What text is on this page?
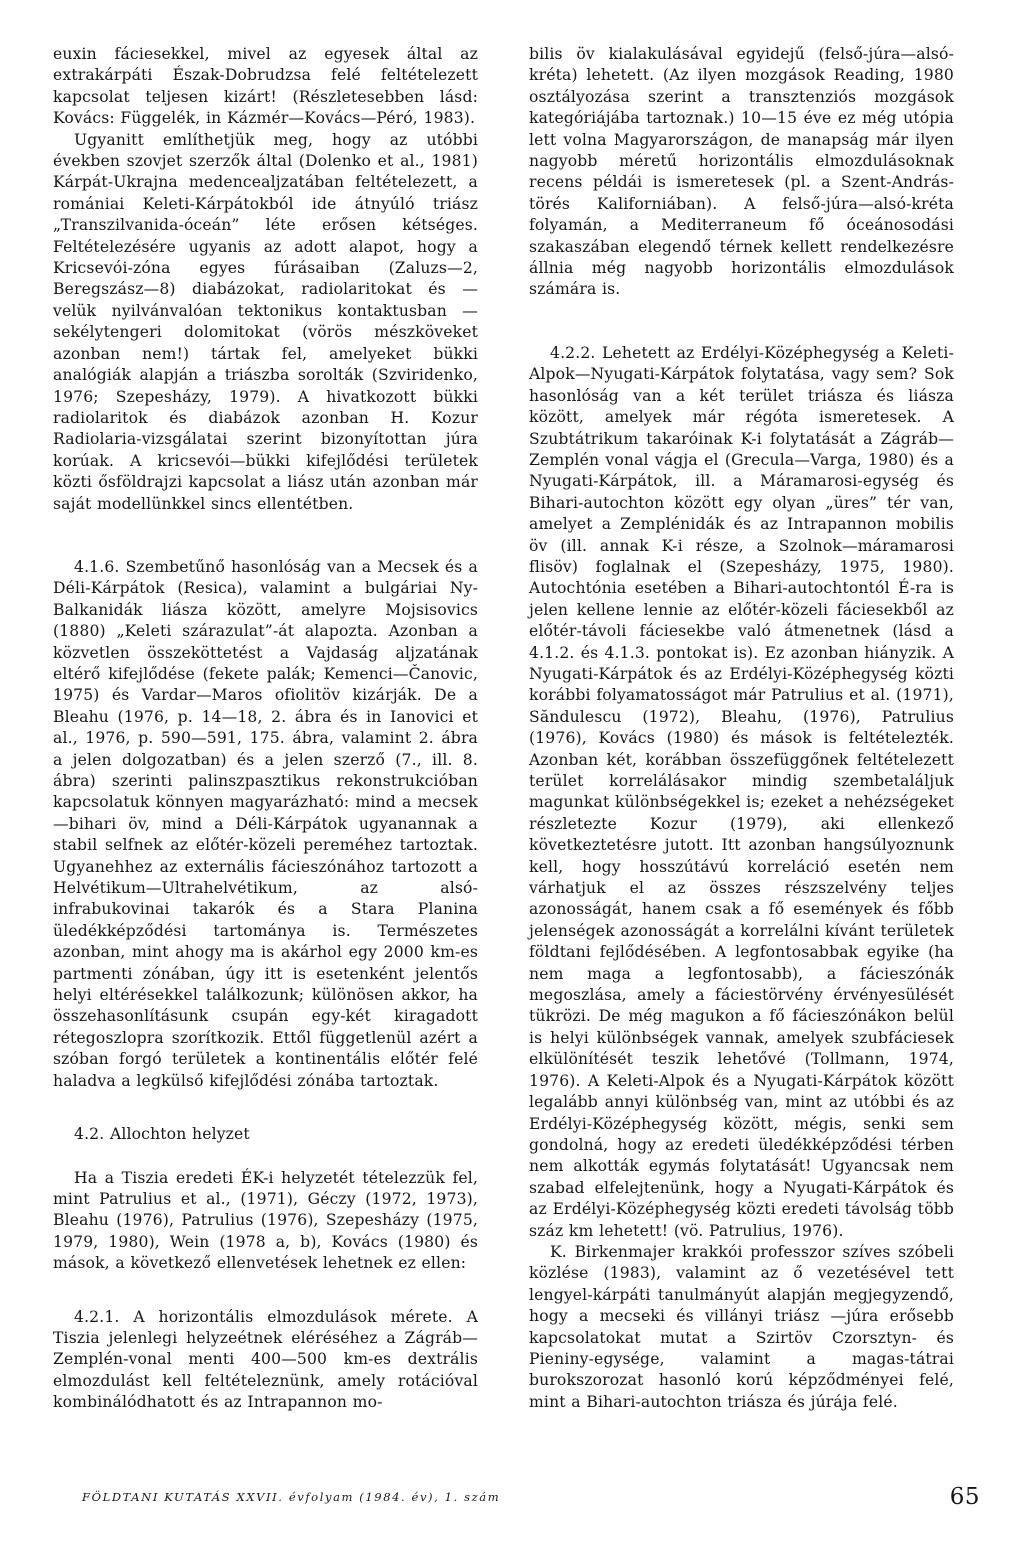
euxin fáciesekkel, mivel az egyesek által az extrakárpáti Észak-Dobrudzsa felé feltételezett kapcsolat teljesen kizárt! (Részletesebben lásd: Kovács: Függelék, in Kázmér—Kovács—Péró, 1983).

Ugyanitt említhetjük meg, hogy az utóbbi években szovjet szerzők által (Dolenko et al., 1981) Kárpát-Ukrajna medencealjzatában feltételezett, a romániai Keleti-Kárpátokból ide átnyúló triász „Transzilvanida-óceán” léte erősen kétséges. Feltételezésére ugyanis az adott alapot, hogy a Kricsevói-zóna egyes fúrásaiban (Zaluzs—2, Beregszász—8) diabázokat, radiolaritokat és — velük nyilvánvalóan tektonikus kontaktusban — sekélytengeri dolomitokat (vörös mészköveket azonban nem!) tártak fel, amelyeket bükki analógiák alapján a triászba sorolták (Szviridenko, 1976; Szepesházy, 1979). A hivatkozott bükki radiolaritok és diabázok azonban H. Kozur Radiolaria-vizsgálatai szerint bizonyítottan júra korúak. A kricsevói—bükki kifejlődési területek közti ősföldrajzi kapcsolat a liász után azonban már saját modellünkkel sincs ellentétben.

4.1.6. Szembetűnő hasonlóság van a Mecsek és a Déli-Kárpátok (Resica), valamint a bulgáriai Ny-Balkanidák liásza között, amelyre Mojsisovics (1880) „Keleti szárazulat”-át alapozta. Azonban a közvetlen összeköttetést a Vajdaság aljzatának eltérő kifejlődése (fekete palák; Kemenci—Čanovic, 1975) és Vardar—Maros ofiolitöv kizárják. De a Bleahu (1976, p. 14—18, 2. ábra és in Ianovici et al., 1976, p. 590—591, 175. ábra, valamint 2. ábra a jelen dolgozatban) és a jelen szerző (7., ill. 8. ábra) szerinti palinszpasztikus rekonstrukcióban kapcsolatuk könnyen magyarázható: mind a mecsek—bihari öv, mind a Déli-Kárpátok ugyanannak a stabil selfnek az előtér-közeli pereméhez tartoztak. Ugyanehhez az externális fácieszónához tartozott a Helvétikum—Ultrahelvétikum, az alsó-infrabukovinai takarók és a Stara Planina üledékképződési tartománya is. Természetes azonban, mint ahogy ma is akárhol egy 2000 km-es partmenti zónában, úgy itt is esetenként jelentős helyi eltérésekkel találkozunk; különösen akkor, ha összehasonlításunk csupán egy-két kiragadott rétegoszlopra szorítkozik. Ettől függetlenül azért a szóban forgó területek a kontinentális előtér felé haladva a legkülső kifejlődési zónába tartoztak.

4.2. Allochton helyzet

Ha a Tiszia eredeti ÉK-i helyzetét tételezzük fel, mint Patrulius et al., (1971), Géczy (1972, 1973), Bleahu (1976), Patrulius (1976), Szepesházy (1975, 1979, 1980), Wein (1978 a, b), Kovács (1980) és mások, a következő ellenvetések lehetnek ez ellen:

4.2.1. A horizontális elmozdulások mérete. A Tiszia jelenlegi helyzeétnek eléréséhez a Zágráb—Zemplén-vonal menti 400—500 km-es dextrális elmozdulást kell feltételeznünk, amely rotációval kombinálódhatott és az Intrapannon mo-

bilis öv kialakulásával egyidejű (felső-júra—alsó-kréta) lehetett. (Az ilyen mozgások Reading, 1980 osztályozása szerint a transztenziós mozgások kategóriájába tartoznak.) 10—15 éve ez még utópia lett volna Magyarországon, de manapság már ilyen nagyobb méretű horizontális elmozdulásoknak recens példái is ismeretesek (pl. a Szent-András-törés Kaliforniában). A felső-júra—alsó-kréta folyamán, a Mediterraneum fő óceánosodási szakaszában elegendő térnek kellett rendelkezésre állnia még nagyobb horizontális elmozdulások számára is.

4.2.2. Lehetett az Erdélyi-Középhegység a Keleti-Alpok—Nyugati-Kárpátok folytatása, vagy sem? Sok hasonlóság van a két terület triásza és liásza között, amelyek már régóta ismeretesek. A Szubtátrikum takaróinak K-i folytatását a Zágráb—Zemplén vonal vágja el (Grecula—Varga, 1980) és a Nyugati-Kárpátok, ill. a Máramarosi-egység és Bihari-autochton között egy olyan „üres” tér van, amelyet a Zemplénidák és az Intrapannon mobilis öv (ill. annak K-i része, a Szolnok—máramarosi flisöv) foglalnak el (Szepesházy, 1975, 1980). Autochtónia esetében a Bihari-autochtontól É-ra is jelen kellene lennie az előtér-közeli fáciesekből az előtér-távoli fáciesekbe való átmenetnek (lásd a 4.1.2. és 4.1.3. pontokat is). Ez azonban hiányzik. A Nyugati-Kárpátok és az Erdélyi-Középhegység közti korábbi folyamatosságot már Patrulius et al. (1971), Săndulescu (1972), Bleahu, (1976), Patrulius (1976), Kovács (1980) és mások is feltételezték. Azonban két, korábban összefüggőnek feltételezett terület korrelálásakor mindig szembetaláljuk magunkat különbségekkel is; ezeket a nehézségeket részletezte Kozur (1979), aki ellenkező következtetésre jutott. Itt azonban hangsúlyoznunk kell, hogy hosszútávú korreláció esetén nem várhatjuk el az összes részszelvény teljes azonosságát, hanem csak a fő események és főbb jelenségek azonosságát a korrelálni kívánt területek földtani fejlődésében. A legfontosabbak egyike (ha nem maga a legfontosabb), a fácieszónák megoszlása, amely a fáciestörvény érvényesülését tükrözi. De még magukon a fő fácieszónákon belül is helyi különbségek vannak, amelyek szubfáciesek elkülönítését teszik lehetővé (Tollmann, 1974, 1976). A Keleti-Alpok és a Nyugati-Kárpátok között legalább annyi különbség van, mint az utóbbi és az Erdélyi-Középhegység között, mégis, senki sem gondolná, hogy az eredeti üledékképződési térben nem alkották egymás folytatását! Ugyancsak nem szabad elfelejtenünk, hogy a Nyugati-Kárpátok és az Erdélyi-Középhegység közti eredeti távolság több száz km lehetett! (vö. Patrulius, 1976).

K. Birkenmajer krakkói professzor szíves szóbeli közlése (1983), valamint az ő vezetésével tett lengyel-kárpáti tanulmányút alapján megjegyzendő, hogy a mecseki és villányi triász —júra erősebb kapcsolatokat mutat a Szirtöv Czorsztyn- és Pieniny-egysége, valamint a magas-tátrai burokszorozat hasonló korú képződményei felé, mint a Bihari-autochton triásza és júrája felé.

FÖLDTANI KUTATÁS XXVII. évfolyam (1984. év), 1. szám	65
